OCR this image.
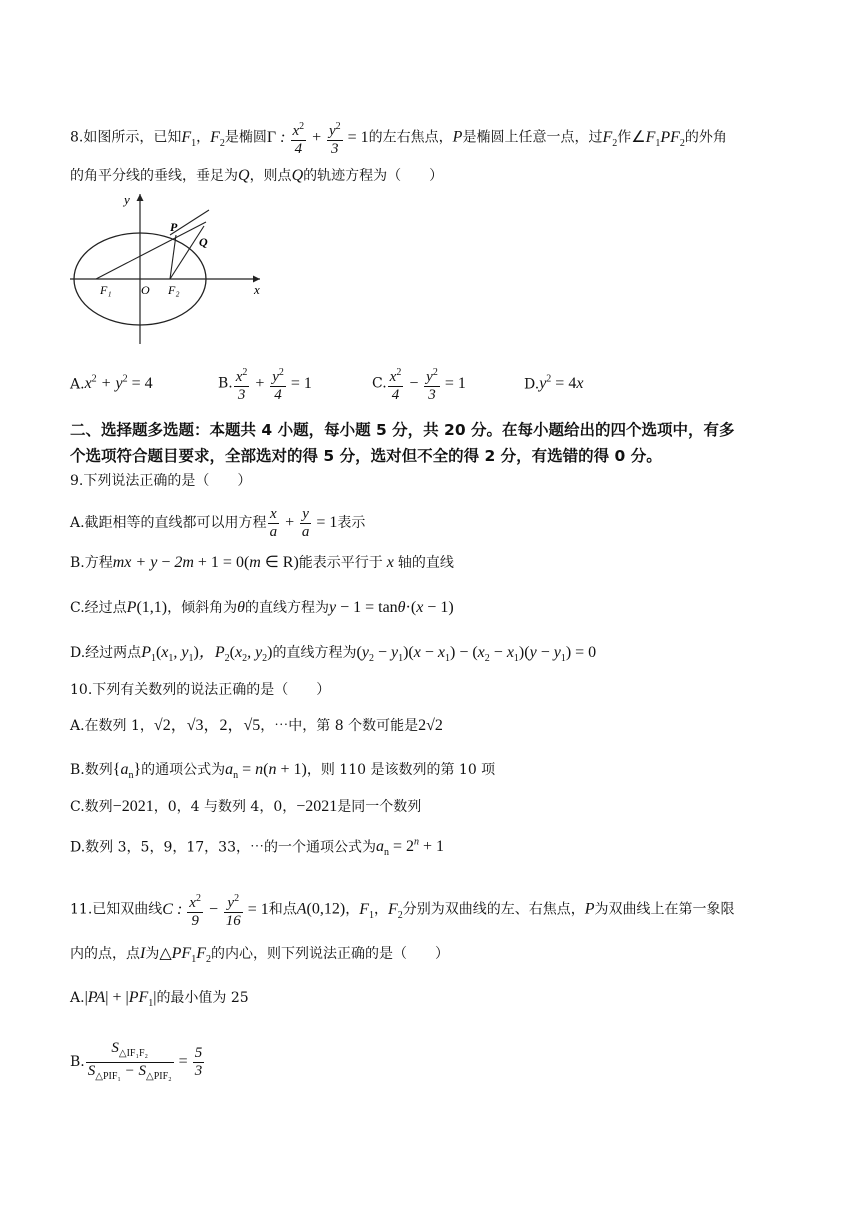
8.如图所示，已知$F_1$，$F_2$是椭圆Γ : $\frac{x^2}{4} + \frac{y^2}{3} = 1$的左右焦点，P是椭圆上任意一点，过$F_2$作$\angle F_1PF_2$的外角
的角平分线的垂线，垂足为Q，则点Q的轨迹方程为（　　）
y
x
P
Q
F₁ O F₂
$A.x^2 + y^2 = 4$	B. $\frac{x^2}{3} + \frac{y^2}{4} = 1$	C. $\frac{x^2}{4} - \frac{y^2}{3} = 1$	$D.y^2 = 4x$
二、选择题多选题：本题共 4 小题，每小题 5 分，共 20 分。在每小题给出的四个选项中，有多
个选项符合题目要求，全部选对的得 5 分，选对但不全的得 2 分，有选错的得 0 分。
9.下列说法正确的是（　　）
A.截距相等的直线都可以用方程 $\frac{x}{a} + \frac{y}{a} = 1$表示
B.方程mx + y − 2m + 1 = 0(m ∈ R)能表示平行于 x 轴的直线
C.经过点P(1,1)，倾斜角为θ的直线方程为y − 1 = tanθ·(x − 1)
D.经过两点$P_1(x_1$, $y_1$)，$P_2(x_2$, $y_2$)的直线方程为$(y_2 - y_1)(x - x_1) - (x_2 - x_1)(y - y_1) = 0$
10.下列有关数列的说法正确的是（　　）
A.在数列 1，√2，√3，2，√5，⋯中，第 8 个数可能是2√2
B.数列$\{a_n\}$的通项公式为$a_n = n(n + 1)$，则 110 是该数列的第 10 项
C.数列−2021，0，4 与数列 4，0，−2021是同一个数列
D.数列 3，5，9，17，33，⋯的一个通项公式为$a_n = 2^n + 1$
11.已知双曲线C : $\frac{x^2}{9} - \frac{y^2}{16} = 1$和点A(0,12)，$F_1$，$F_2$分别为双曲线的左、右焦点，P为双曲线上在第一象限
内的点，点I为$\triangle PF_1F_2$的内心，则下列说法正确的是（　　）
$A.|PA| + |PF_1|$的最小值为 25
B. $\frac{S_{\triangle IF_1F_2}}{S_{\triangle PIF_1} - S_{\triangle PIF_2}} = \frac{5}{3}$
